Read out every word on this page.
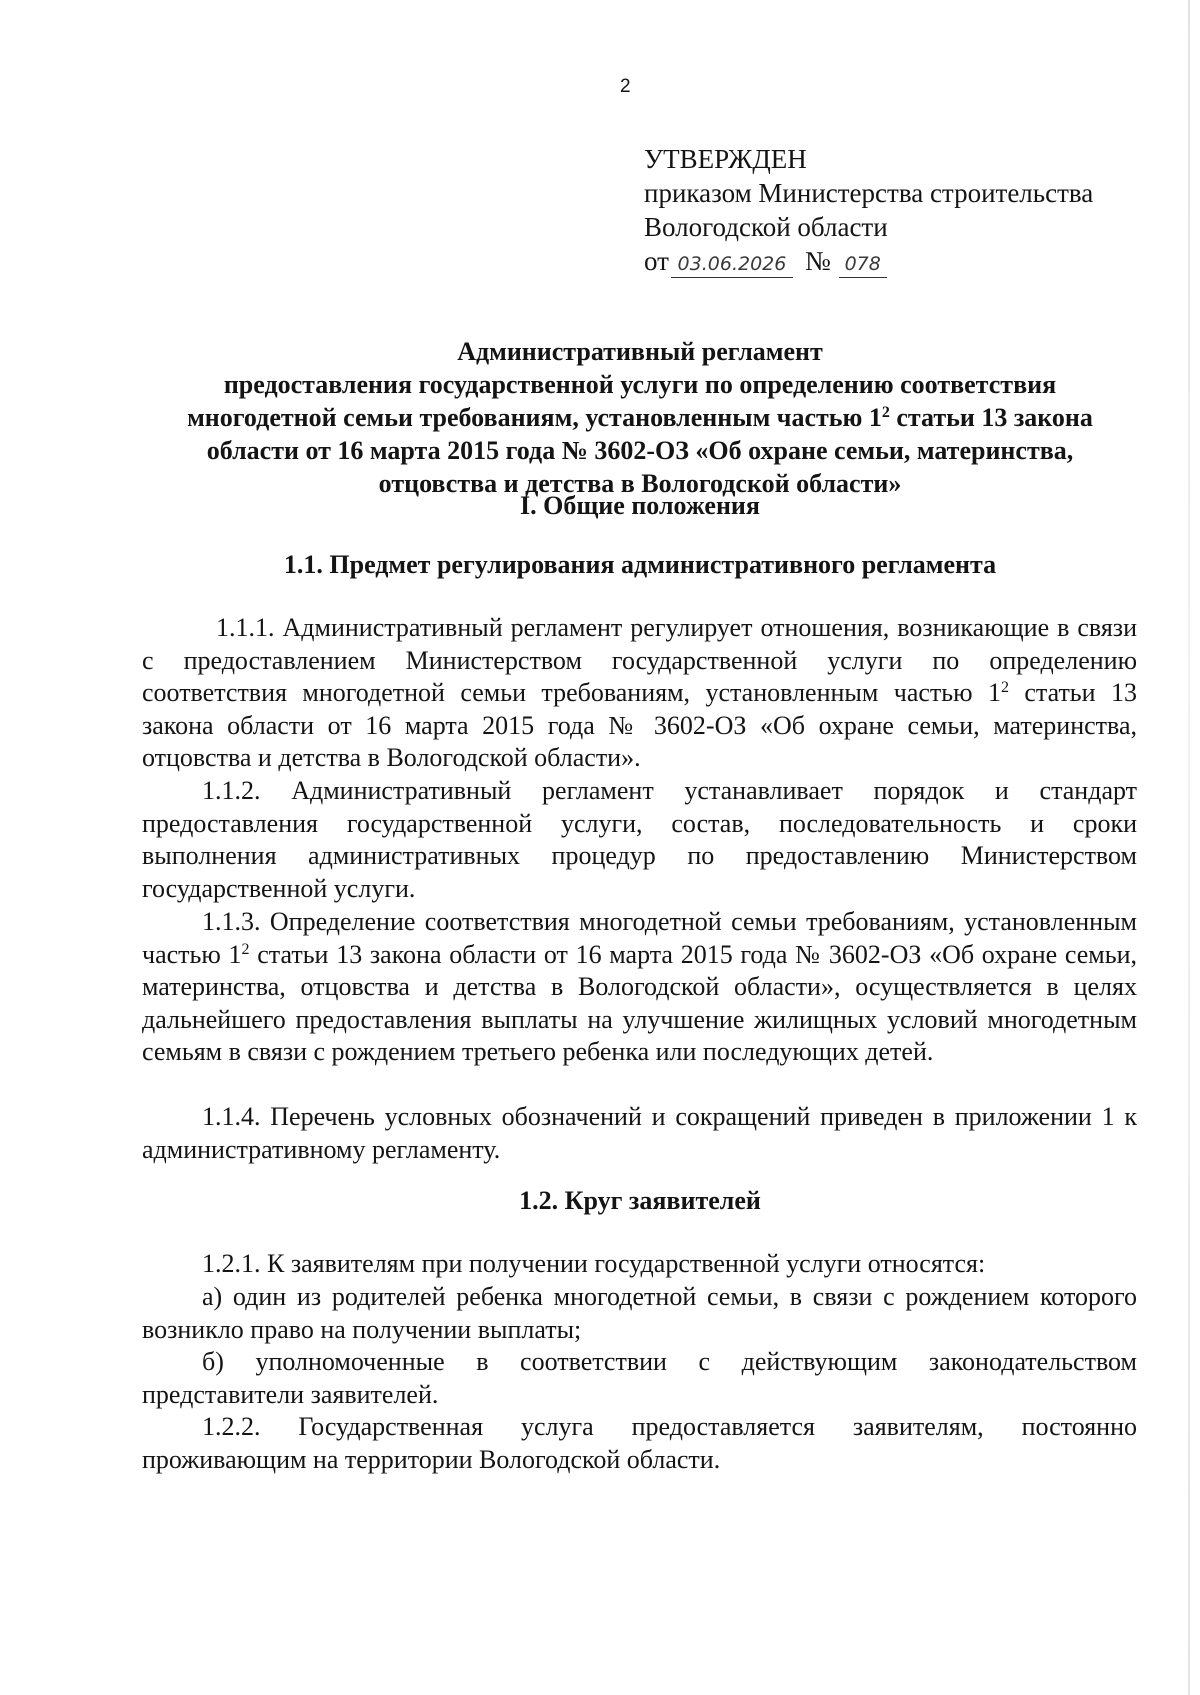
2
УТВЕРЖДЕН
приказом Министерства строительства
Вологодской области
от 03.06.2026 № 078
Административный регламент
предоставления государственной услуги по определению соответствия
многодетной семьи требованиям, установленным частью $1^2$ статьи 13 закона
области от 16 марта 2015 года № 3602-ОЗ «Об охране семьи, материнства,
отцовства и детства в Вологодской области»
I. Общие положения
1.1. Предмет регулирования административного регламента
1.1.1. Административный регламент регулирует отношения, возникающие в связи с предоставлением Министерством государственной услуги по определению соответствия многодетной семьи требованиям, установленным частью $1^2$ статьи 13 закона области от 16 марта 2015 года № 3602-ОЗ «Об охране семьи, материнства, отцовства и детства в Вологодской области».
1.1.2. Административный регламент устанавливает порядок и стандарт предоставления государственной услуги, состав, последовательность и сроки выполнения административных процедур по предоставлению Министерством государственной услуги.
1.1.3. Определение соответствия многодетной семьи требованиям, установленным частью $1^2$ статьи 13 закона области от 16 марта 2015 года № 3602-ОЗ «Об охране семьи, материнства, отцовства и детства в Вологодской области», осуществляется в целях дальнейшего предоставления выплаты на улучшение жилищных условий многодетным семьям в связи с рождением третьего ребенка или последующих детей.
1.1.4. Перечень условных обозначений и сокращений приведен в приложении 1 к административному регламенту.
1.2. Круг заявителей
1.2.1. К заявителям при получении государственной услуги относятся:
а) один из родителей ребенка многодетной семьи, в связи с рождением которого возникло право на получении выплаты;
б) уполномоченные в соответствии с действующим законодательством представители заявителей.
1.2.2. Государственная услуга предоставляется заявителям, постоянно проживающим на территории Вологодской области.
